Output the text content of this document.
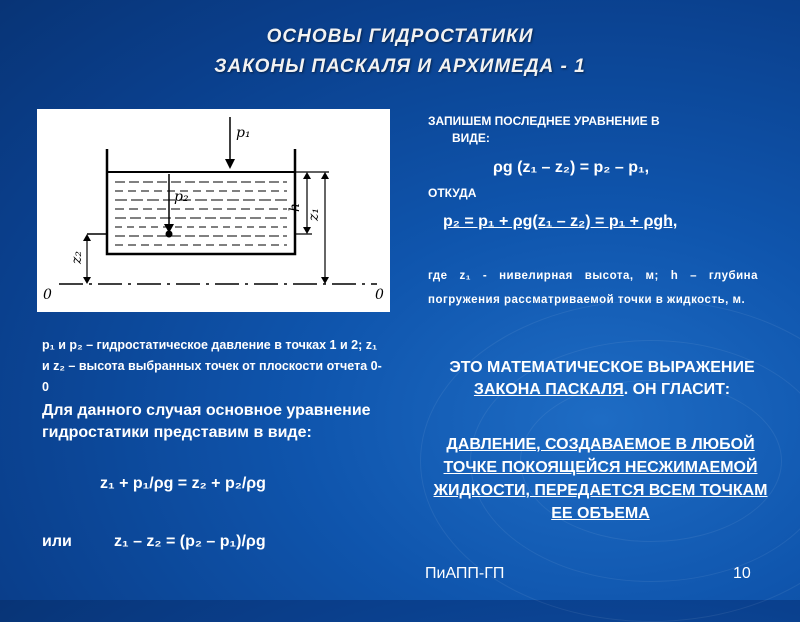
ОСНОВЫ ГИДРОСТАТИКИ
ЗАКОНЫ ПАСКАЛЯ И АРХИМЕДА - 1
p₁
p₂
z₂
h
z₁
0	0
p₁ и p₂ – гидростатическое давление в точках 1 и 2; z₁ и z₂ – высота выбранных точек от плоскости отчета 0-0
Для данного случая основное уравнение гидростатики представим в виде:
z₁ + p₁/ρg = z₂ + p₂/ρg
или	z₁ – z₂ = (p₂ – p₁)/ρg
ЗАПИШЕМ ПОСЛЕДНЕЕ УРАВНЕНИЕ В
ВИДЕ:
ρg (z₁ – z₂) = p₂ – p₁,
ОТКУДА
p₂ = p₁ + ρg(z₁ – z₂) = p₁ + ρgh,
где z₁ - нивелирная высота, м; h – глубина погружения рассматриваемой точки в жидкость, м.
ЭТО МАТЕМАТИЧЕСКОЕ ВЫРАЖЕНИЕ ЗАКОНА ПАСКАЛЯ. ОН ГЛАСИТ:
ДАВЛЕНИЕ, СОЗДАВАЕМОЕ В ЛЮБОЙ ТОЧКЕ ПОКОЯЩЕЙСЯ НЕСЖИМАЕМОЙ ЖИДКОСТИ, ПЕРЕДАЕТСЯ ВСЕМ ТОЧКАМ ЕЕ ОБЪЕМА
ПиАПП-ГП	10
